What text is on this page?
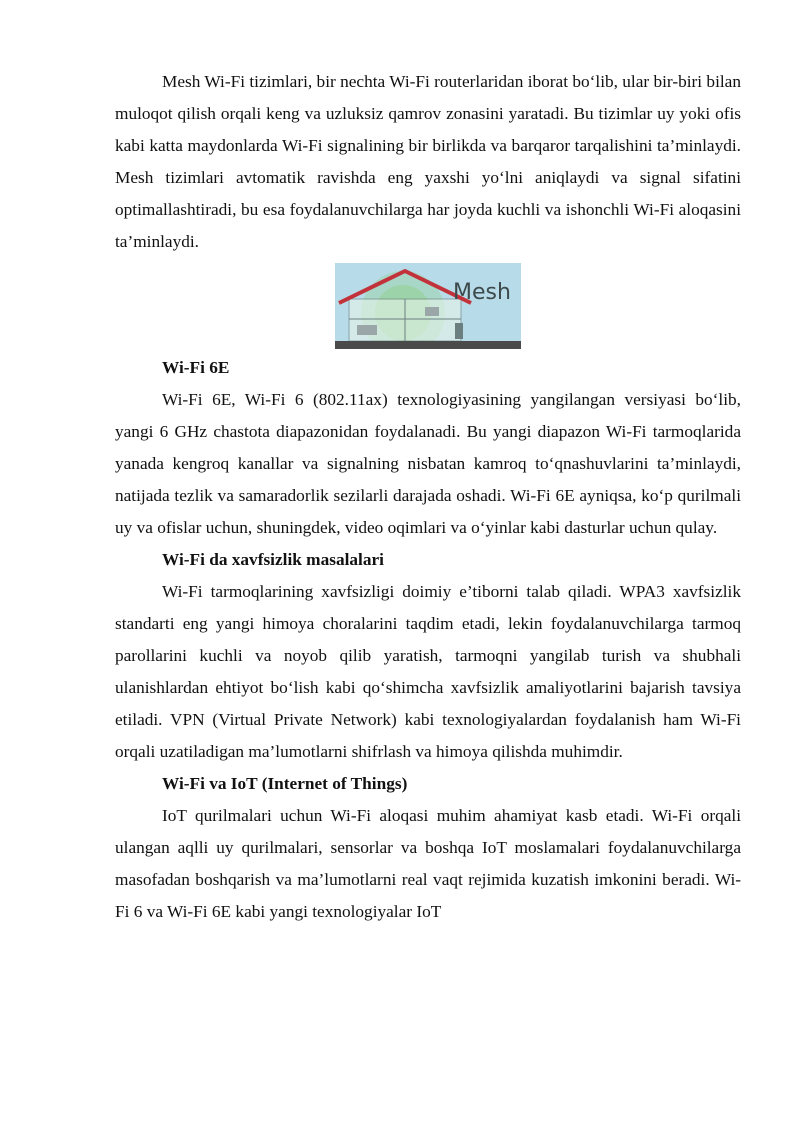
Mesh Wi-Fi tizimlari, bir nechta Wi-Fi routerlaridan iborat bo‘lib, ular bir-biri bilan muloqot qilish orqali keng va uzluksiz qamrov zonasini yaratadi. Bu tizimlar uy yoki ofis kabi katta maydonlarda Wi-Fi signalining bir birlikda va barqaror tarqalishini ta’minlaydi. Mesh tizimlari avtomatik ravishda eng yaxshi yo‘lni aniqlaydi va signal sifatini optimallashtiradi, bu esa foydalanuvchilarga har joyda kuchli va ishonchli Wi-Fi aloqasini ta’minlaydi.

Mesh
Wi-Fi 6E

Wi-Fi 6E, Wi-Fi 6 (802.11ax) texnologiyasining yangilangan versiyasi bo‘lib, yangi 6 GHz chastota diapazonidan foydalanadi. Bu yangi diapazon Wi-Fi tarmoqlarida yanada kengroq kanallar va signalning nisbatan kamroq to‘qnashuvlarini ta’minlaydi, natijada tezlik va samaradorlik sezilarli darajada oshadi. Wi-Fi 6E ayniqsa, ko‘p qurilmali uy va ofislar uchun, shuningdek, video oqimlari va o‘yinlar kabi dasturlar uchun qulay.

Wi-Fi da xavfsizlik masalalari

Wi-Fi tarmoqlarining xavfsizligi doimiy e’tiborni talab qiladi. WPA3 xavfsizlik standarti eng yangi himoya choralarini taqdim etadi, lekin foydalanuvchilarga tarmoq parollarini kuchli va noyob qilib yaratish, tarmoqni yangilab turish va shubhali ulanishlardan ehtiyot bo‘lish kabi qo‘shimcha xavfsizlik amaliyotlarini bajarish tavsiya etiladi. VPN (Virtual Private Network) kabi texnologiyalardan foydalanish ham Wi-Fi orqali uzatiladigan ma’lumotlarni shifrlash va himoya qilishda muhimdir.

Wi-Fi va IoT (Internet of Things)

IoT qurilmalari uchun Wi-Fi aloqasi muhim ahamiyat kasb etadi. Wi-Fi orqali ulangan aqlli uy qurilmalari, sensorlar va boshqa IoT moslamalari foydalanuvchilarga masofadan boshqarish va ma’lumotlarni real vaqt rejimida kuzatish imkonini beradi. Wi-Fi 6 va Wi-Fi 6E kabi yangi texnologiyalar IoT
